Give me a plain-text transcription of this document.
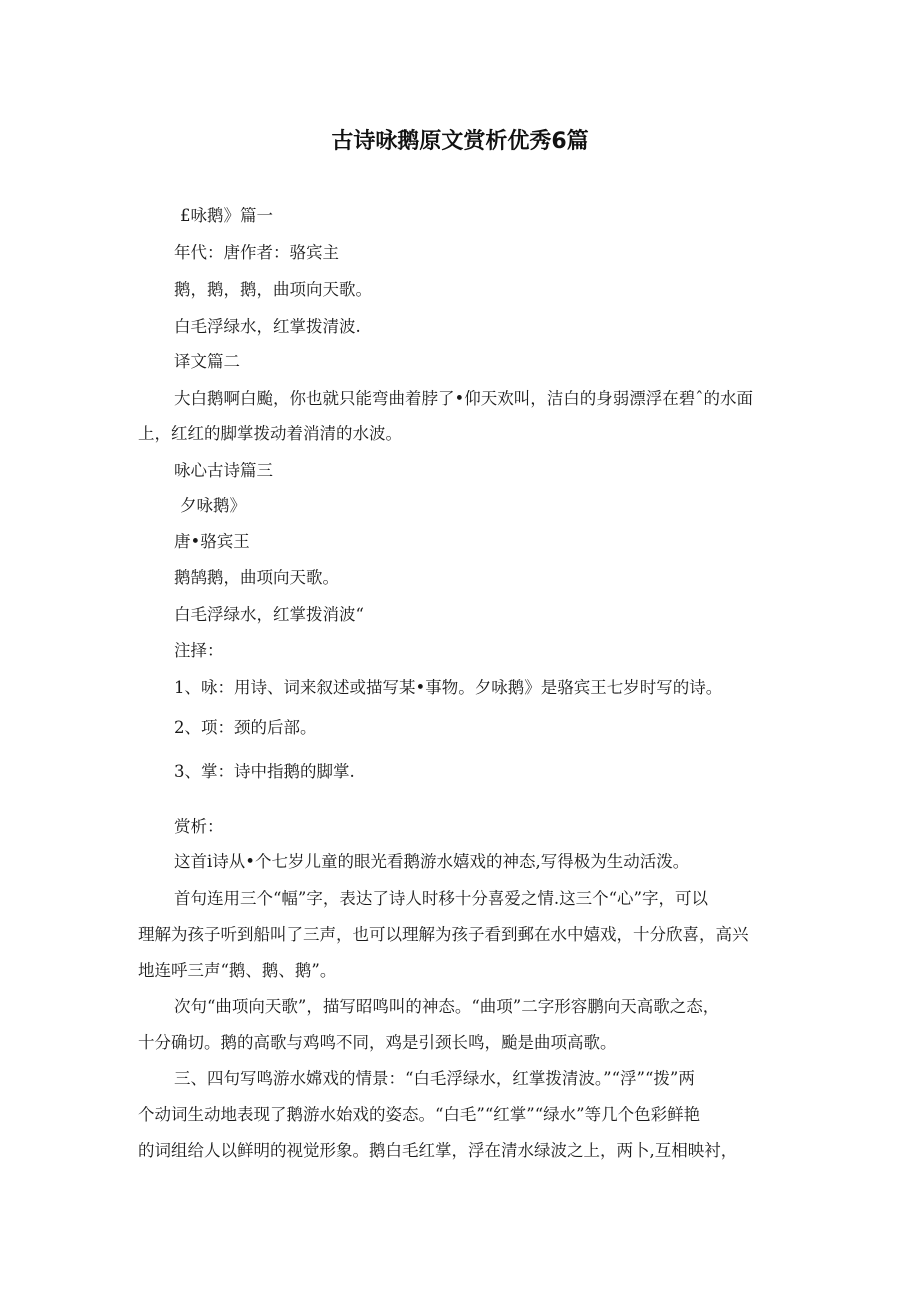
古诗咏鹅原文赏析优秀6篇
£咏鹅》篇一
年代：唐作者：骆宾主
鹅，鹅，鹅，曲项向天歌。
白毛浮绿水，红掌拨清波.
译文篇二
大白鹅啊白颱，你也就只能弯曲着脖了•仰天欢叫，洁白的身弱漂浮在碧ˆ的水面
上，红红的脚掌拨动着消清的水波。
咏心古诗篇三
夕咏鹅》
唐•骆宾王
鹅鹄鹅，曲项向天歌。
白毛浮绿水，红掌拨消波“
注择：
1、咏：用诗、词来叙述或描写某•事物。夕咏鹅》是骆宾王七岁时写的诗。
2、项：颈的后部。
3、掌：诗中指鹅的脚掌.
赏析：
这首i诗从•个七岁儿童的眼光看鹅游水嬉戏的神态,写得极为生动活泼。
首句连用三个“幅”字，表达了诗人时移十分喜爱之情.这三个“心”字，可以
理解为孩子听到船叫了三声，也可以理解为孩子看到郵在水中嬉戏，十分欣喜，高兴
地连呼三声“鹅、鹅、鹅”。
次句“曲项向天歌”，描写昭鸣叫的神态。“曲项”二字形容鹏向天高歌之态，
十分确切。鹅的高歌与鸡鸣不同，鸡是引颈长鸣，颱是曲项高歌。
三、四句写鸣游水嫦戏的情景：“白毛浮绿水，红掌拨清波。”“浮”“拨”两
个动词生动地表现了鹅游水始戏的姿态。“白毛”“红掌”“绿水”等几个色彩鲜艳
的词组给人以鲜明的视觉形象。鹅白毛红掌，浮在清水绿波之上，两卜,互相映衬，
